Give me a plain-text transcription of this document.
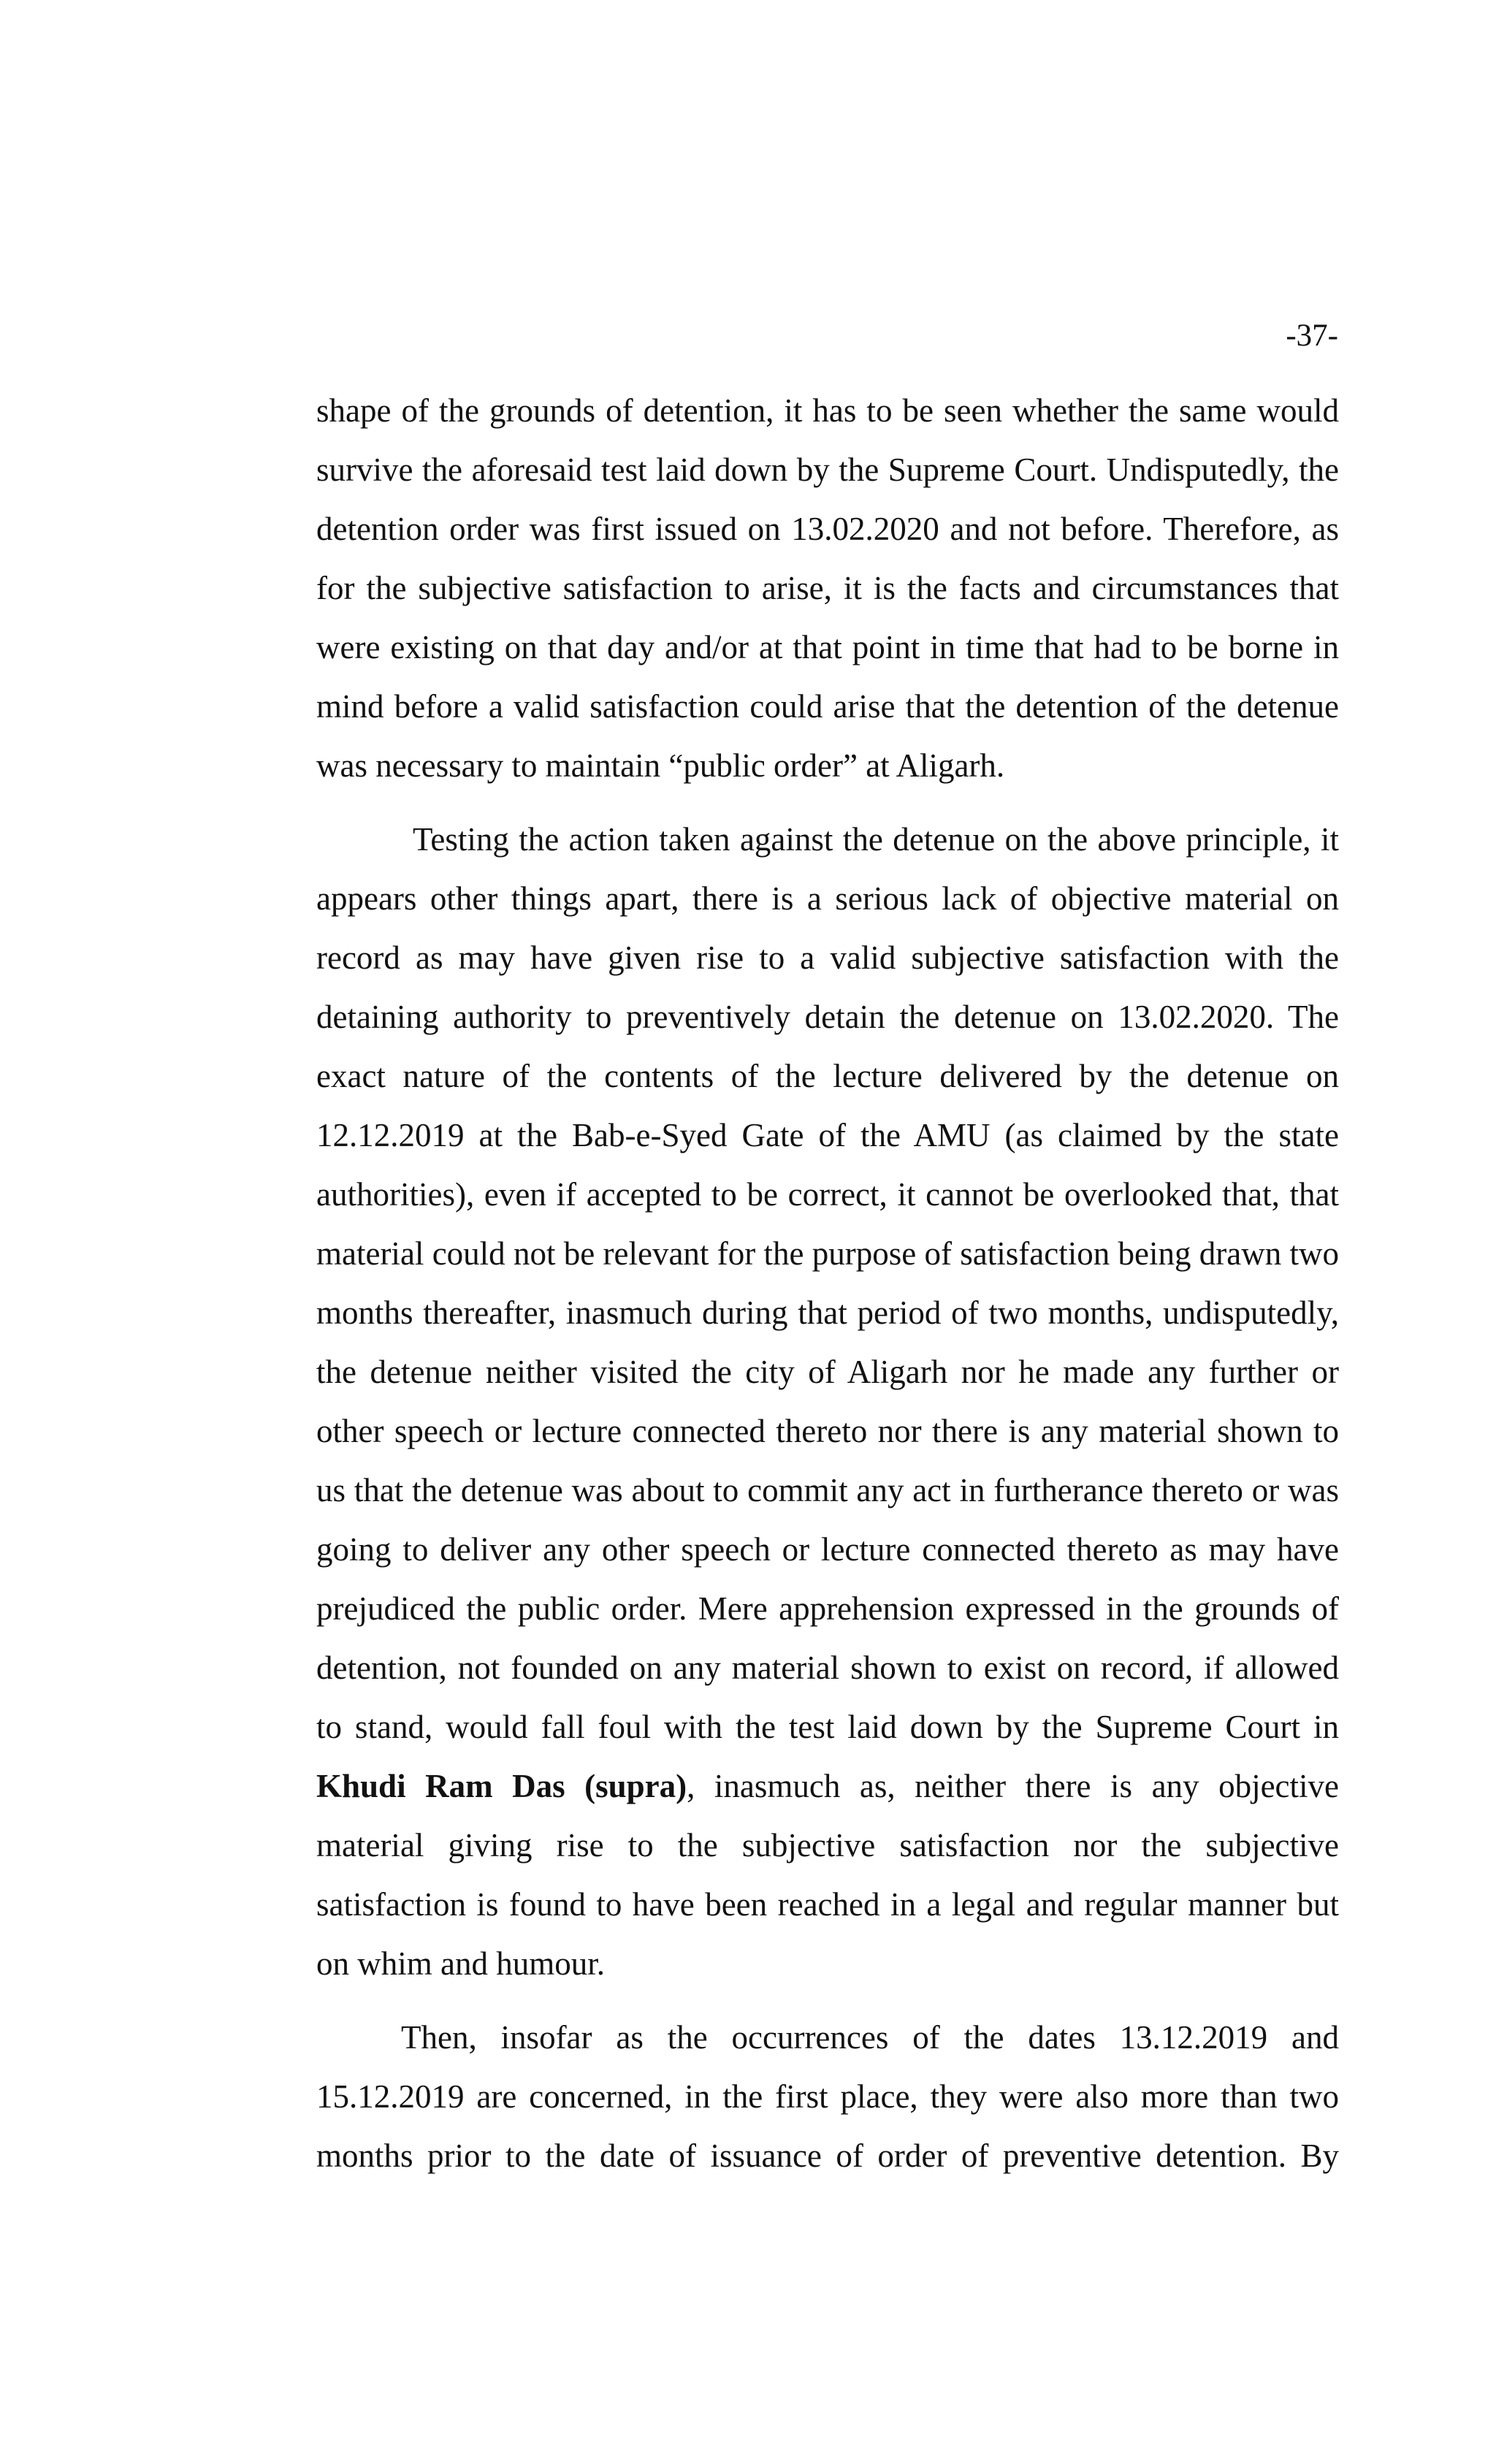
-37-

shape of the grounds of detention, it has to be seen whether the same would survive the aforesaid test laid down by the Supreme Court. Undisputedly, the detention order was first issued on 13.02.2020 and not before. Therefore, as for the subjective satisfaction to arise, it is the facts and circumstances that were existing on that day and/or at that point in time that had to be borne in mind before a valid satisfaction could arise that the detention of the detenue was necessary to maintain “public order” at Aligarh.

Testing the action taken against the detenue on the above principle, it appears other things apart, there is a serious lack of objective material on record as may have given rise to a valid subjective satisfaction with the detaining authority to preventively detain the detenue on 13.02.2020. The exact nature of the contents of the lecture delivered by the detenue on 12.12.2019 at the Bab-e-Syed Gate of the AMU (as claimed by the state authorities), even if accepted to be correct, it cannot be overlooked that, that material could not be relevant for the purpose of satisfaction being drawn two months thereafter, inasmuch during that period of two months, undisputedly, the detenue neither visited the city of Aligarh nor he made any further or other speech or lecture connected thereto nor there is any material shown to us that the detenue was about to commit any act in furtherance thereto or was going to deliver any other speech or lecture connected thereto as may have prejudiced the public order. Mere apprehension expressed in the grounds of detention, not founded on any material shown to exist on record, if allowed to stand, would fall foul with the test laid down by the Supreme Court in Khudi Ram Das (supra), inasmuch as, neither there is any objective material giving rise to the subjective satisfaction nor the subjective satisfaction is found to have been reached in a legal and regular manner but on whim and humour.

Then, insofar as the occurrences of the dates 13.12.2019 and 15.12.2019 are concerned, in the first place, they were also more than two months prior to the date of issuance of order of preventive detention. By
